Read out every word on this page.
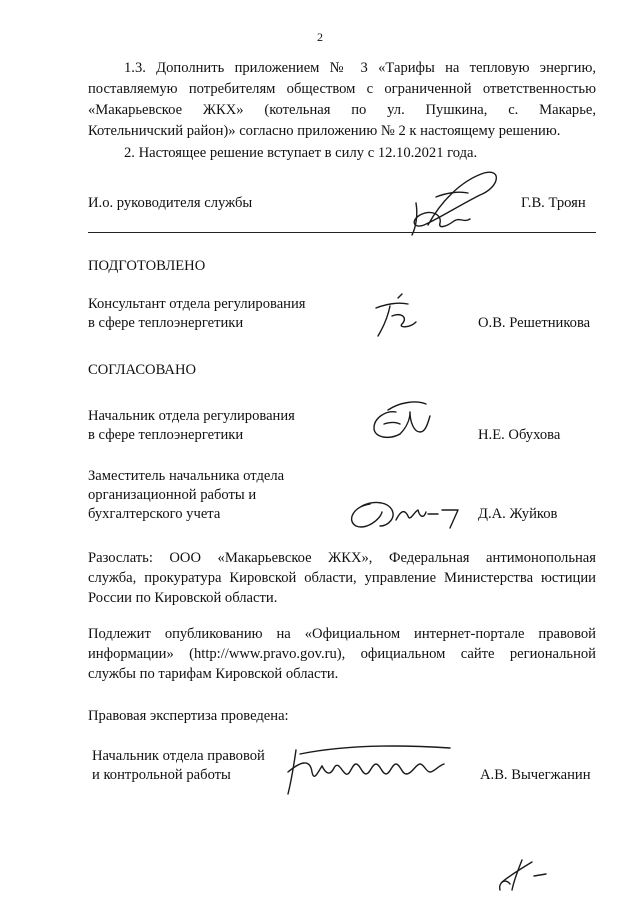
2
1.3. Дополнить приложением № 3 «Тарифы на тепловую энергию,
поставляемую потребителям обществом с ограниченной ответственностью
«Макарьевское ЖКХ» (котельная по ул. Пушкина, с. Макарье,
Котельничский район)» согласно приложению № 2 к настоящему решению.
2. Настоящее решение вступает в силу с 12.10.2021 года.
И.о. руководителя службы	Г.В. Троян
ПОДГОТОВЛЕНО
Консультант отдела регулирования
в сфере теплоэнергетики	О.В. Решетникова
СОГЛАСОВАНО
Начальник отдела регулирования
в сфере теплоэнергетики	Н.Е. Обухова
Заместитель начальника отдела
организационной работы и
бухгалтерского учета	Д.А. Жуйков
Разослать: ООО «Макарьевское ЖКХ», Федеральная антимонопольная
служба, прокуратура Кировской области, управление Министерства юстиции
России по Кировской области.
Подлежит опубликованию на «Официальном интернет-портале правовой
информации» (http://www.pravo.gov.ru), официальном сайте региональной
службы по тарифам Кировской области.
Правовая экспертиза проведена:
Начальник отдела правовой
и контрольной работы	А.В. Вычегжанин
